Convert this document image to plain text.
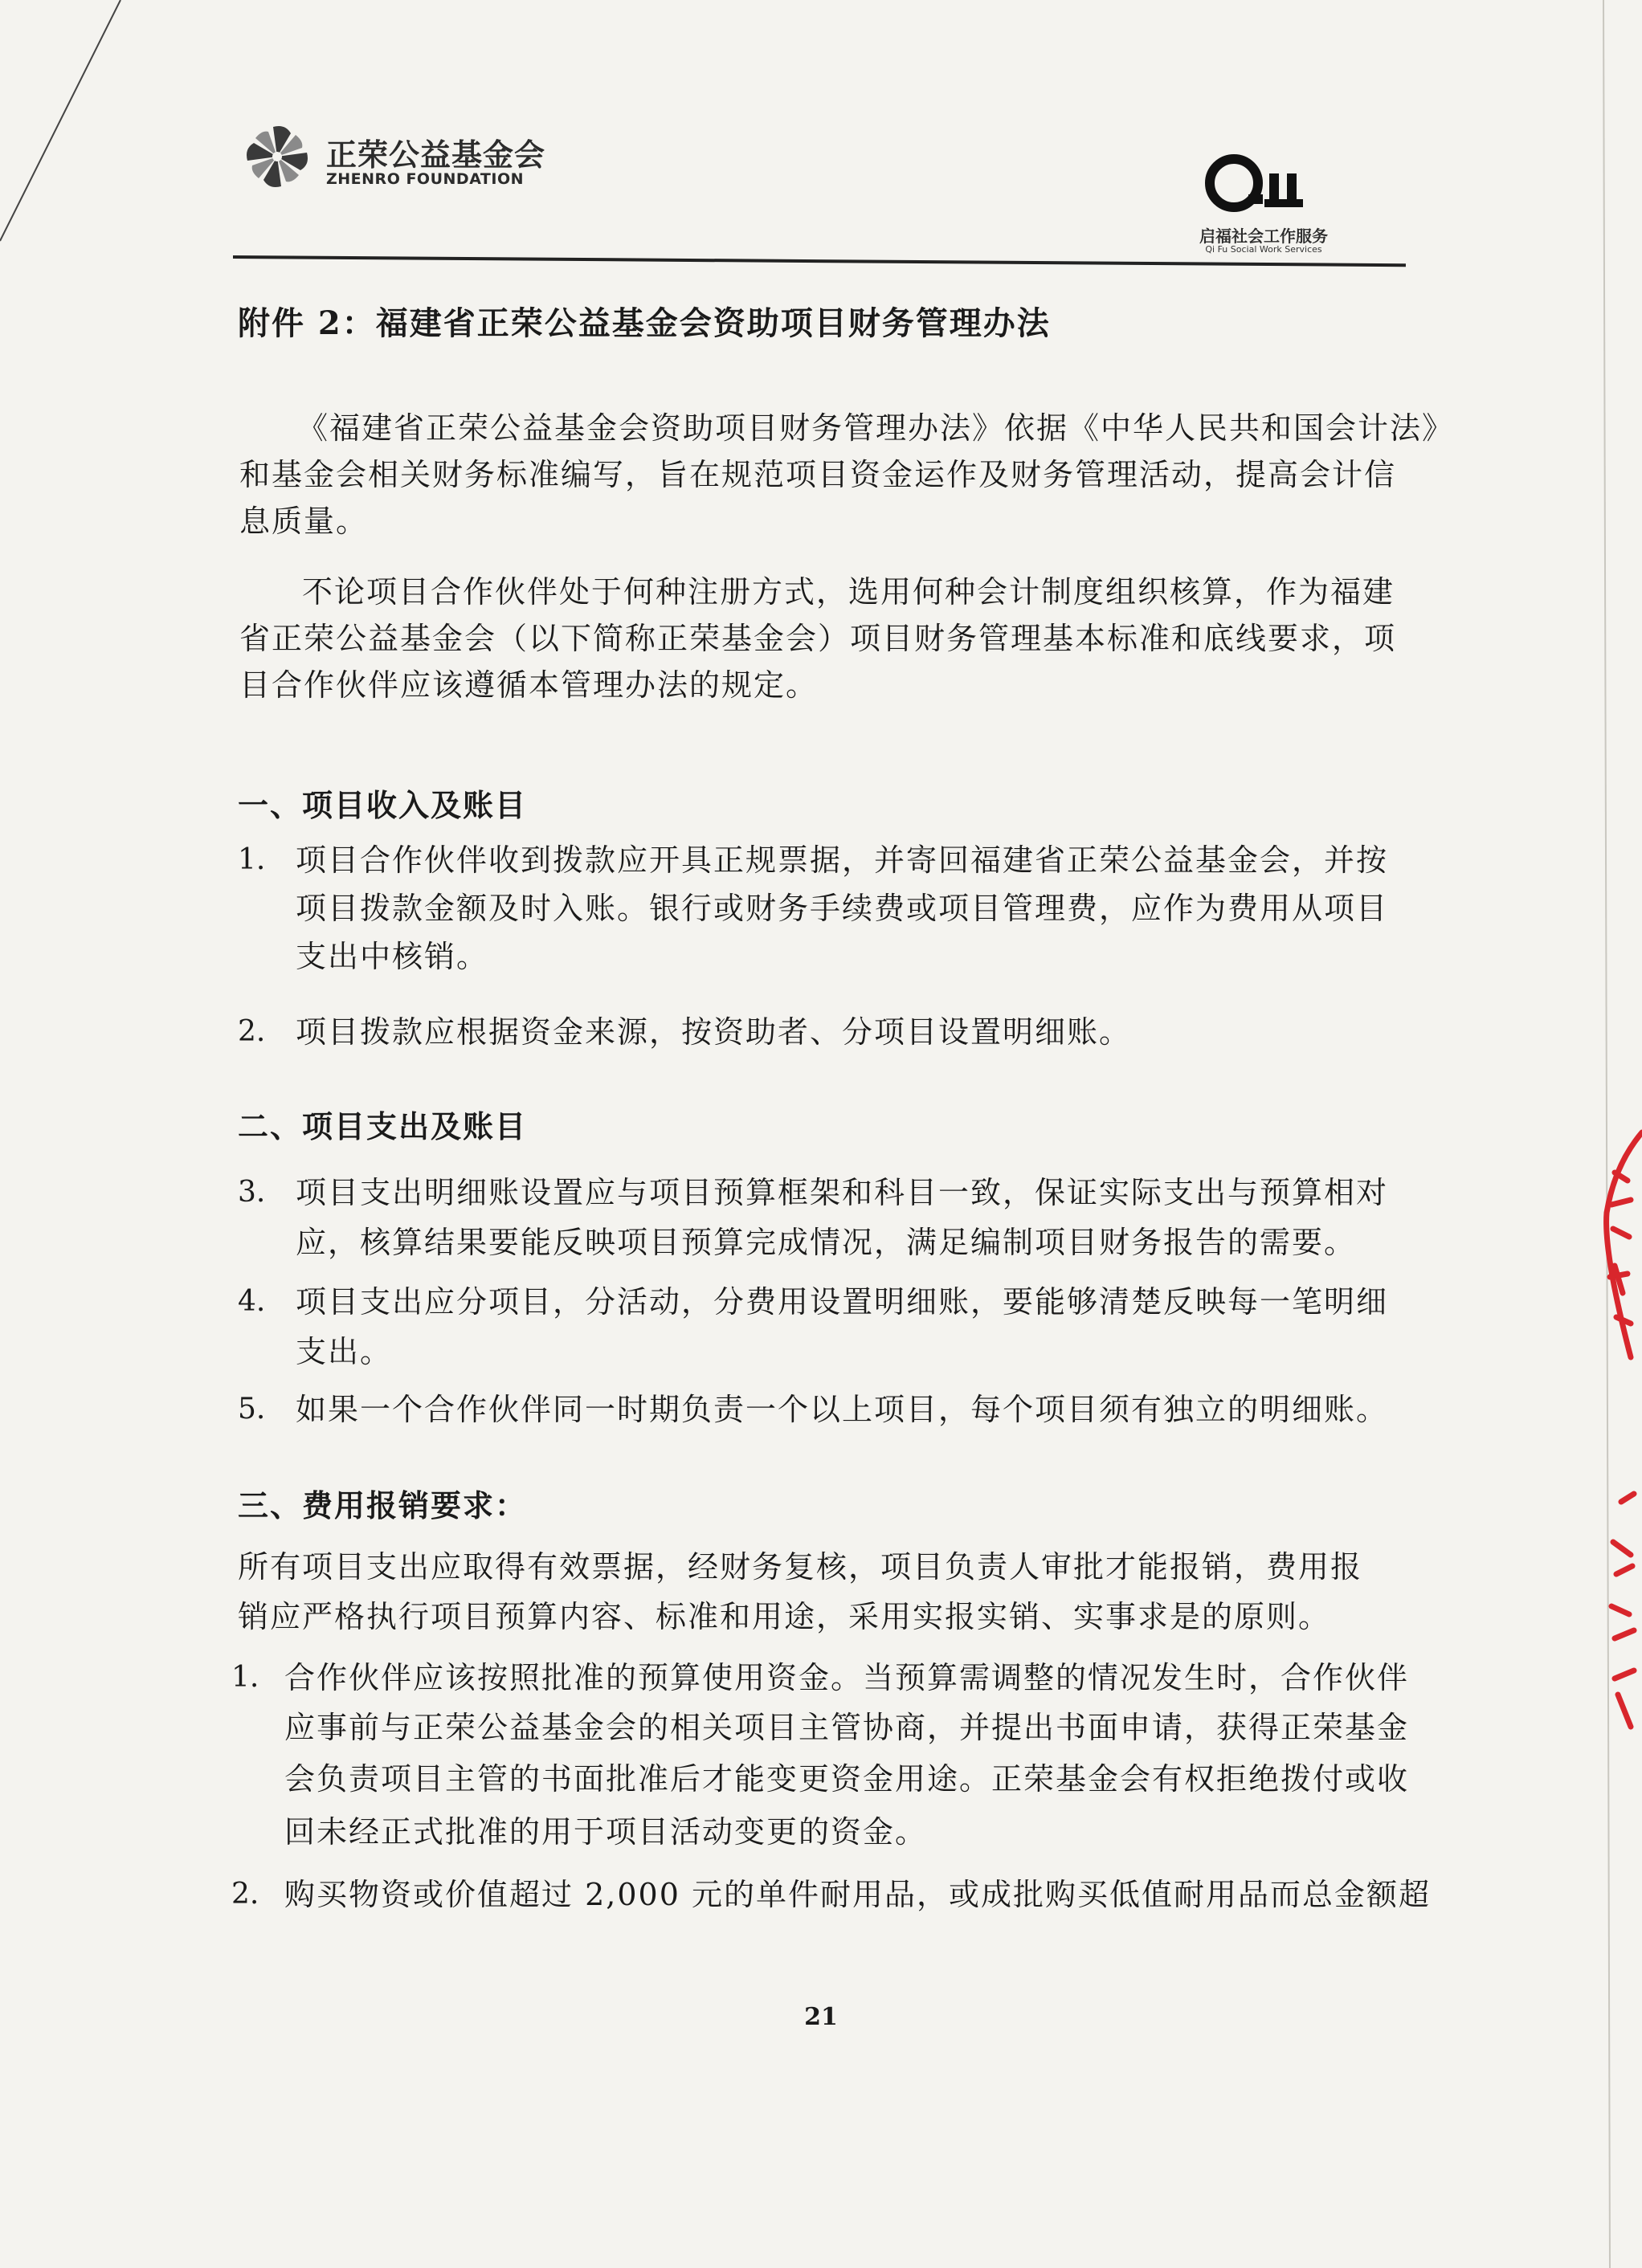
正荣公益基金会
ZHENRO FOUNDATION
启福社会工作服务
Qi Fu Social Work Services
附件 2：福建省正荣公益基金会资助项目财务管理办法
《福建省正荣公益基金会资助项目财务管理办法》依据《中华人民共和国会计法》
和基金会相关财务标准编写，旨在规范项目资金运作及财务管理活动，提高会计信
息质量。
不论项目合作伙伴处于何种注册方式，选用何种会计制度组织核算，作为福建
省正荣公益基金会（以下简称正荣基金会）项目财务管理基本标准和底线要求，项
目合作伙伴应该遵循本管理办法的规定。
一、项目收入及账目
1. 项目合作伙伴收到拨款应开具正规票据，并寄回福建省正荣公益基金会，并按
项目拨款金额及时入账。银行或财务手续费或项目管理费，应作为费用从项目
支出中核销。
2. 项目拨款应根据资金来源，按资助者、分项目设置明细账。
二、项目支出及账目
3. 项目支出明细账设置应与项目预算框架和科目一致，保证实际支出与预算相对
应，核算结果要能反映项目预算完成情况，满足编制项目财务报告的需要。
4. 项目支出应分项目，分活动，分费用设置明细账，要能够清楚反映每一笔明细
支出。
5. 如果一个合作伙伴同一时期负责一个以上项目，每个项目须有独立的明细账。
三、费用报销要求：
所有项目支出应取得有效票据，经财务复核，项目负责人审批才能报销，费用报
销应严格执行项目预算内容、标准和用途，采用实报实销、实事求是的原则。
1. 合作伙伴应该按照批准的预算使用资金。当预算需调整的情况发生时，合作伙伴
应事前与正荣公益基金会的相关项目主管协商，并提出书面申请，获得正荣基金
会负责项目主管的书面批准后才能变更资金用途。正荣基金会有权拒绝拨付或收
回未经正式批准的用于项目活动变更的资金。
2. 购买物资或价值超过 2,000 元的单件耐用品，或成批购买低值耐用品而总金额超
21
